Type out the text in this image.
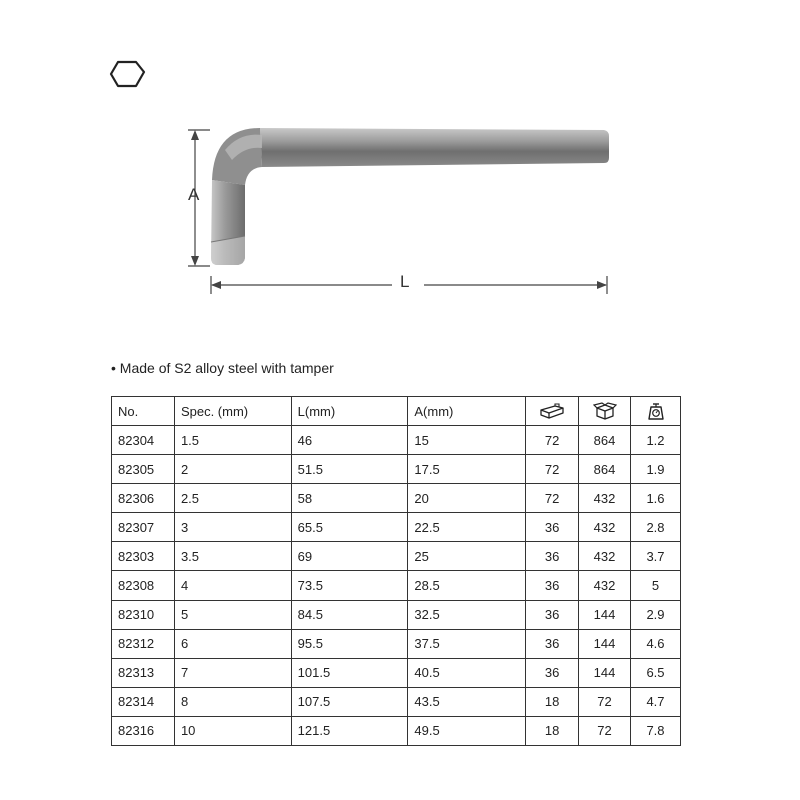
A
L
• Made of S2 alloy steel with tamper
No.	Spec. (mm)	L(mm)	A(mm)	

82304	1.5	46	15	72	864	1.2
82305	2	51.5	17.5	72	864	1.9
82306	2.5	58	20	72	432	1.6
82307	3	65.5	22.5	36	432	2.8
82303	3.5	69	25	36	432	3.7
82308	4	73.5	28.5	36	432	5
82310	5	84.5	32.5	36	144	2.9
82312	6	95.5	37.5	36	144	4.6
82313	7	101.5	40.5	36	144	6.5
82314	8	107.5	43.5	18	72	4.7
82316	10	121.5	49.5	18	72	7.8
